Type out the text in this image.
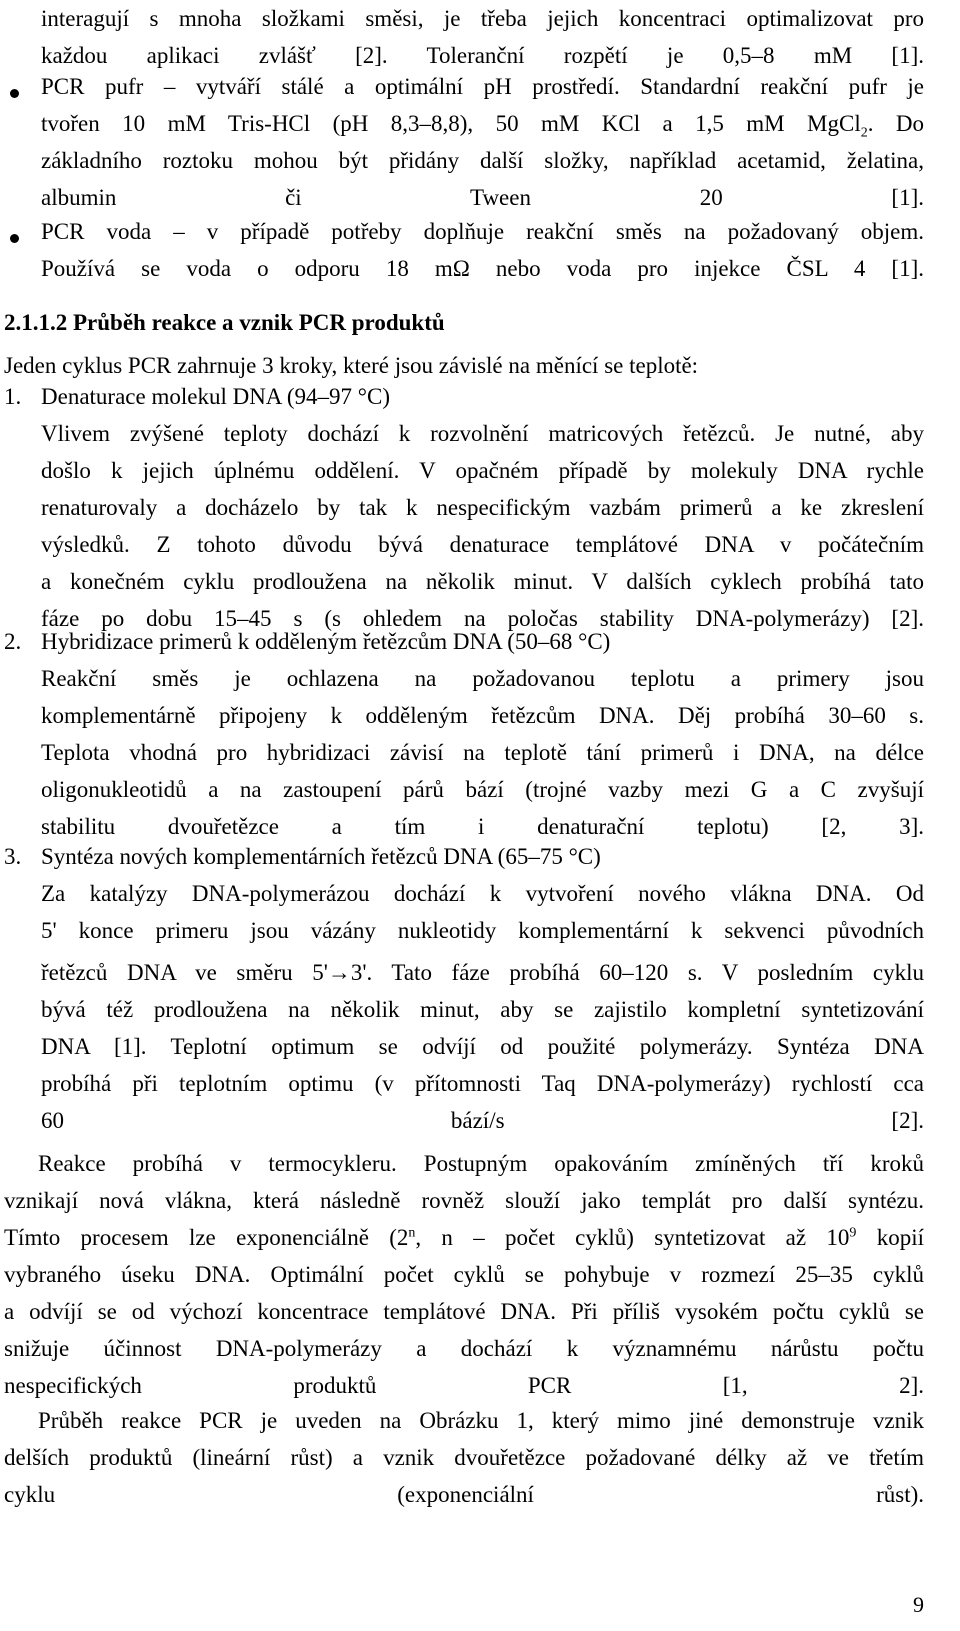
interagují s mnoha složkami směsi, je třeba jejich koncentraci optimalizovat pro
každou aplikaci zvlášť [2]. Toleranční rozpětí je 0,5–8 mM [1].
PCR pufr – vytváří stálé a optimální pH prostředí. Standardní reakční pufr je
tvořen 10 mM Tris-HCl (pH 8,3–8,8), 50 mM KCl a 1,5 mM MgCl$_2$. Do
základního roztoku mohou být přidány další složky, například acetamid, želatina,
albumin či Tween 20 [1].
PCR voda – v případě potřeby doplňuje reakční směs na požadovaný objem.
Používá se voda o odporu 18 mΩ nebo voda pro injekce ČSL 4 [1].
2.1.1.2 Průběh reakce a vznik PCR produktů
Jeden cyklus PCR zahrnuje 3 kroky, které jsou závislé na měnící se teplotě:
1. Denaturace molekul DNA (94–97 °C)
Vlivem zvýšené teploty dochází k rozvolnění matricových řetězců. Je nutné, aby
došlo k jejich úplnému oddělení. V opačném případě by molekuly DNA rychle
renaturovaly a docházelo by tak k nespecifickým vazbám primerů a ke zkreslení
výsledků. Z tohoto důvodu bývá denaturace templátové DNA v počátečním
a konečném cyklu prodloužena na několik minut. V dalších cyklech probíhá tato
fáze po dobu 15–45 s (s ohledem na poločas stability DNA-polymerázy) [2].
2. Hybridizace primerů k odděleným řetězcům DNA (50–68 °C)
Reakční směs je ochlazena na požadovanou teplotu a primery jsou
komplementárně připojeny k odděleným řetězcům DNA. Děj probíhá 30–60 s.
Teplota vhodná pro hybridizaci závisí na teplotě tání primerů i DNA, na délce
oligonukleotidů a na zastoupení párů bází (trojné vazby mezi G a C zvyšují
stabilitu dvouřetězce a tím i denaturační teplotu) [2, 3].
3. Syntéza nových komplementárních řetězců DNA (65–75 °C)
Za katalýzy DNA-polymerázou dochází k vytvoření nového vlákna DNA. Od
5' konce primeru jsou vázány nukleotidy komplementární k sekvenci původních
řetězců DNA ve směru 5'→3'. Tato fáze probíhá 60–120 s. V posledním cyklu
bývá též prodloužena na několik minut, aby se zajistilo kompletní syntetizování
DNA [1]. Teplotní optimum se odvíjí od použité polymerázy. Syntéza DNA
probíhá při teplotním optimu (v přítomnosti Taq DNA-polymerázy) rychlostí cca
60 bází/s [2].
Reakce probíhá v termocykleru. Postupným opakováním zmíněných tří kroků
vznikají nová vlákna, která následně rovněž slouží jako templát pro další syntézu.
Tímto procesem lze exponenciálně (2$^n$, n – počet cyklů) syntetizovat až $10^9$ kopií
vybraného úseku DNA. Optimální počet cyklů se pohybuje v rozmezí 25–35 cyklů
a odvíjí se od výchozí koncentrace templátové DNA. Při příliš vysokém počtu cyklů se
snižuje účinnost DNA-polymerázy a dochází k významnému nárůstu počtu
nespecifických produktů PCR [1, 2].
Průběh reakce PCR je uveden na Obrázku 1, který mimo jiné demonstruje vznik
delších produktů (lineární růst) a vznik dvouřetězce požadované délky až ve třetím
cyklu (exponenciální růst).
9
